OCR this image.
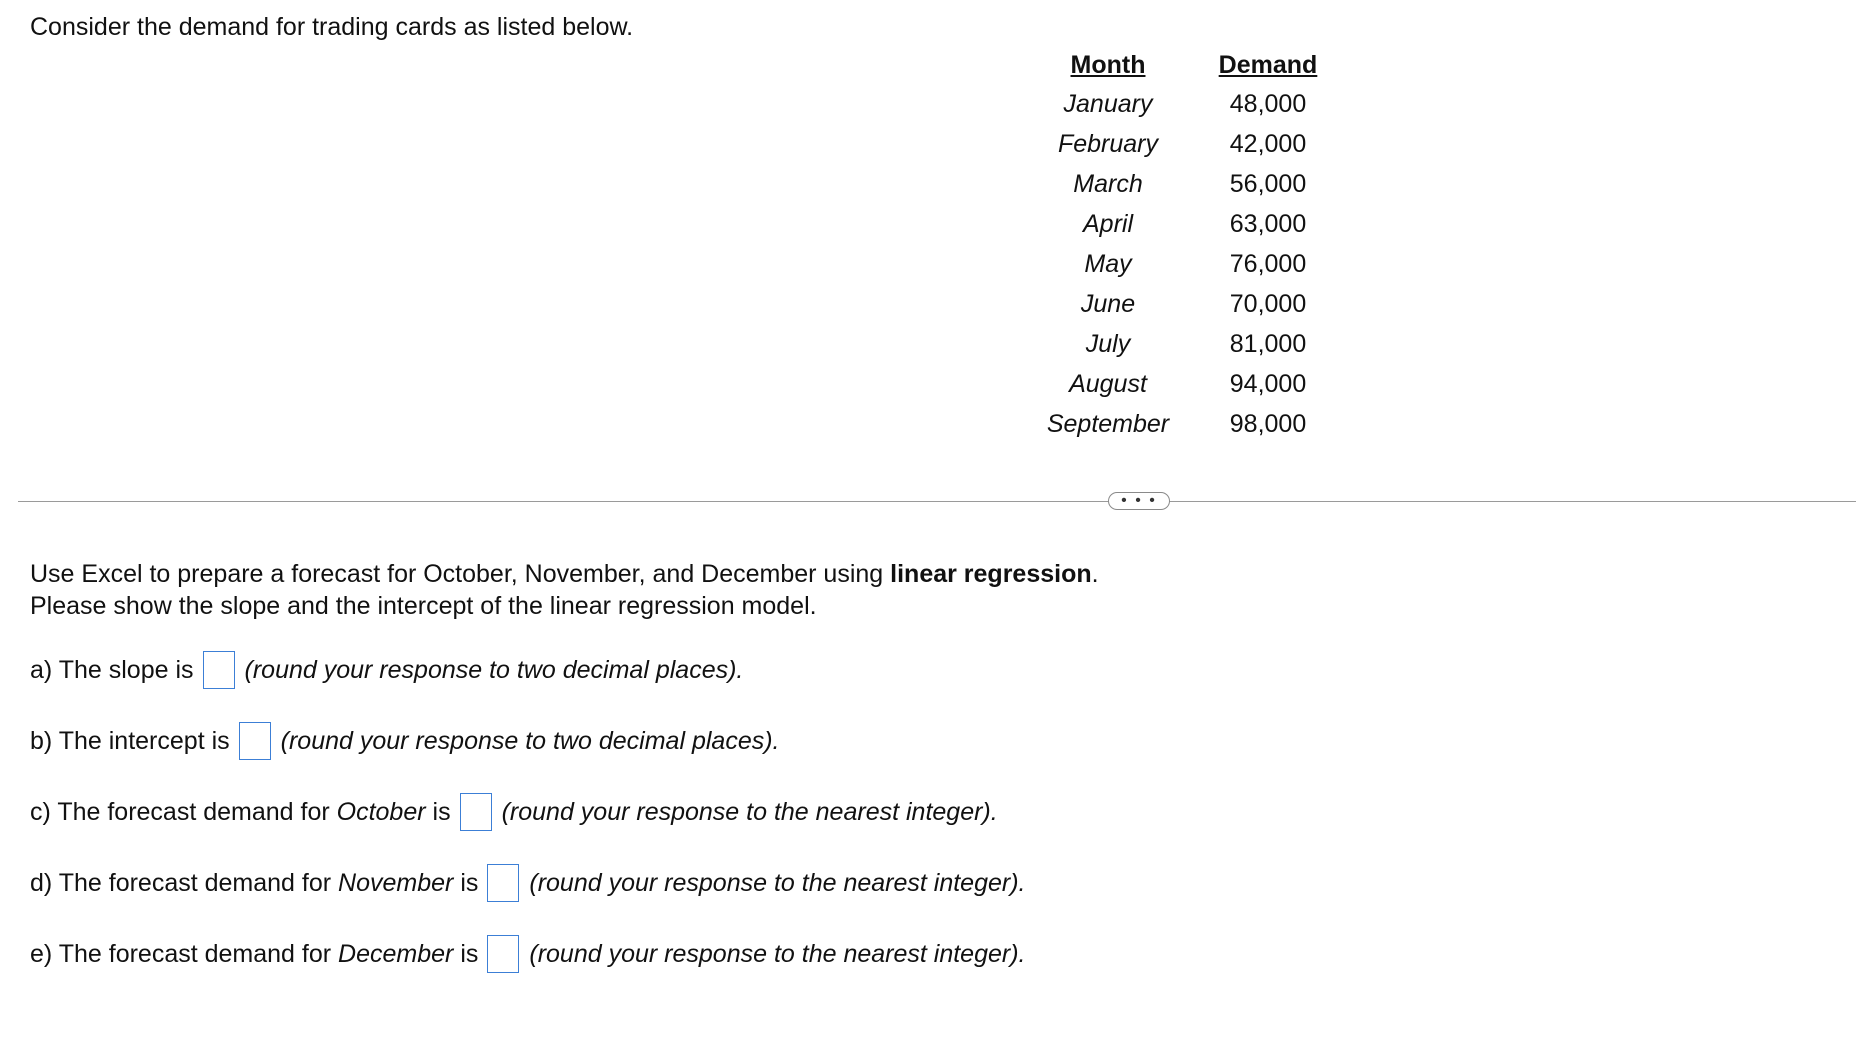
Consider the demand for trading cards as listed below.

Month	Demand
January	48,000
February	42,000
March	56,000
April	63,000
May	76,000
June	70,000
July	81,000
August	94,000
September	98,000
• • •

Use Excel to prepare a forecast for October, November, and December using linear regression.
Please show the slope and the intercept of the linear regression model.

a) The slope is (round your response to two decimal places).
b) The intercept is (round your response to two decimal places).
c) The forecast demand for October is (round your response to the nearest integer).
d) The forecast demand for November is (round your response to the nearest integer).
e) The forecast demand for December is (round your response to the nearest integer).
